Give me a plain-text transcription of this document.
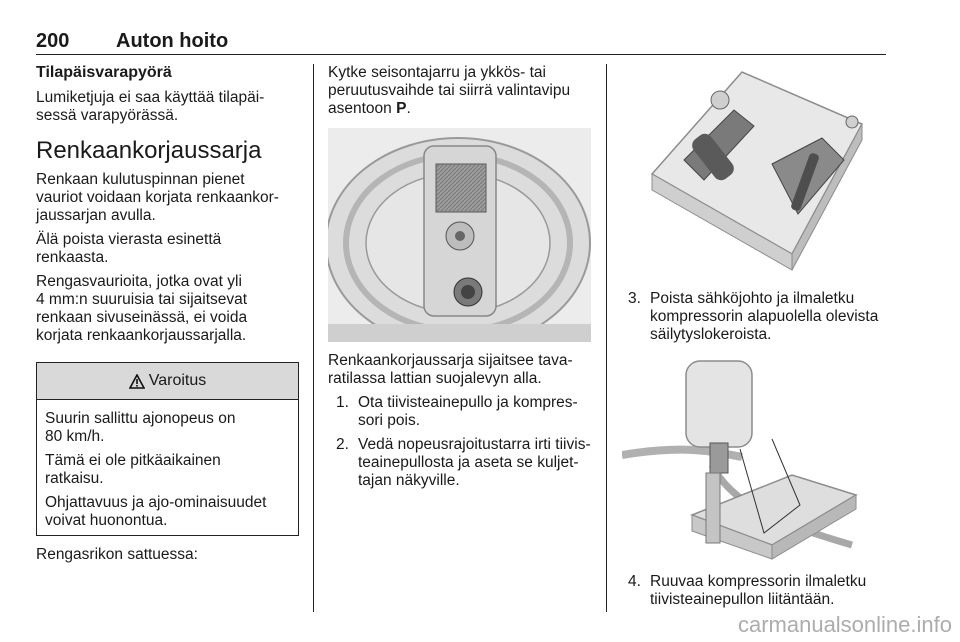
200 Auton hoito
Tilapäisvarapyörä

Lumiketjuja ei saa käyttää tilapäi-
sessä varapyörässä.

Renkaankorjaussarja

Renkaan kulutuspinnan pienet
vauriot voidaan korjata renkaankor-
jaussarjan avulla.

Älä poista vierasta esinettä
renkaasta.

Rengasvaurioita, jotka ovat yli
4 mm:n suuruisia tai sijaitsevat
renkaan sivuseinässä, ei voida
korjata renkaankorjaussarjalla.

Varoitus

Suurin sallittu ajonopeus on
80 km/h.

Tämä ei ole pitkäaikainen
ratkaisu.

Ohjattavuus ja ajo-ominaisuudet
voivat huonontua.

Rengasrikon sattuessa:

Kytke seisontajarru ja ykkös- tai
peruutusvaihde tai siirrä valintavipu
asentoon P.

Renkaankorjaussarja sijaitsee tava-
ratilassa lattian suojalevyn alla.

1. Ota tiivisteainepullo ja kompres-
sori pois.
2. Vedä nopeusrajoitustarra irti tiivis-
teainepullosta ja aseta se kuljet-
tajan näkyville.
3. Poista sähköjohto ja ilmaletku
kompressorin alapuolella olevista
säilytyslokeroista.
4. Ruuvaa kompressorin ilmaletku
tiivisteainepullon liitäntään.
carmanualsonline.info
